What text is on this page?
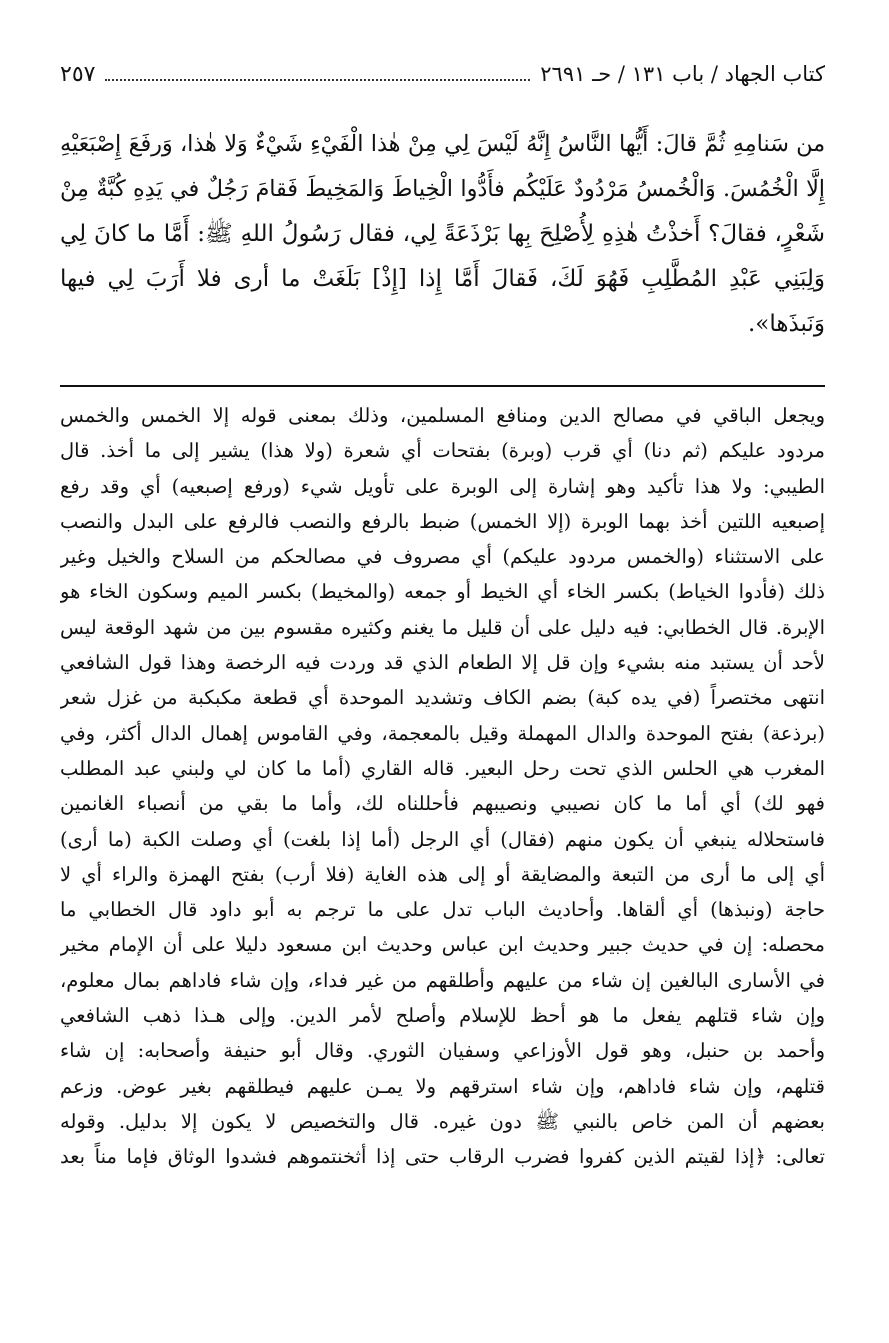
كتاب الجهاد / باب ١٣١ / حـ ٢٦٩١
٢٥٧
من سَنامِهِ ثُمَّ قالَ: أَيُّها النَّاسُ إِنَّهُ لَيْسَ لِي مِنْ هٰذا الْفَيْءِ شَيْءٌ وَلا هٰذا، وَرفَعَ إِصْبَعَيْهِ
إِلَّا الْخُمُسَ. وَالْخُمسُ مَرْدُودٌ عَلَيْكُم فأَدُّوا الْخِياطَ وَالمَخِيطَ فَقامَ رَجُلٌ في يَدِهِ كُبَّةٌ مِنْ
شَعْرٍ، فقالَ؟ أَخذْتُ هٰذِهِ لِأُصْلِحَ بِها بَرْذَعَةً لِي، فقال رَسُولُ اللهِ ﷺ: أَمَّا ما كانَ لِي
وَلِبَنِي عَبْدِ المُطَّلِبِ فَهُوَ لَكَ، فَقالَ أَمَّا إِذا [إِذْ] بَلَغَتْ ما أرى فلا أَرَبَ لِي فيها
وَنَبذَها».
ويجعل الباقي في مصالح الدين ومنافع المسلمين، وذلك بمعنى قوله إلا الخمس والخمس
مردود عليكم (ثم دنا) أي قرب (وبرة) بفتحات أي شعرة (ولا هذا) يشير إلى ما أخذ. قال
الطيبي: ولا هذا تأكيد وهو إشارة إلى الوبرة على تأويل شيء (ورفع إصبعيه) أي وقد رفع
إصبعيه اللتين أخذ بهما الوبرة (إلا الخمس) ضبط بالرفع والنصب فالرفع على البدل والنصب
على الاستثناء (والخمس مردود عليكم) أي مصروف في مصالحكم من السلاح والخيل وغير
ذلك (فأدوا الخياط) بكسر الخاء أي الخيط أو جمعه (والمخيط) بكسر الميم وسكون الخاء هو
الإبرة. قال الخطابي: فيه دليل على أن قليل ما يغنم وكثيره مقسوم بين من شهد الوقعة ليس
لأحد أن يستبد منه بشيء وإن قل إلا الطعام الذي قد وردت فيه الرخصة وهذا قول الشافعي
انتهى مختصراً (في يده كبة) بضم الكاف وتشديد الموحدة أي قطعة مكبكبة من غزل شعر
(برذعة) بفتح الموحدة والدال المهملة وقيل بالمعجمة، وفي القاموس إهمال الدال أكثر، وفي
المغرب هي الحلس الذي تحت رحل البعير. قاله القاري (أما ما كان لي ولبني عبد المطلب
فهو لك) أي أما ما كان نصيبي ونصيبهم فأحللناه لك، وأما ما بقي من أنصباء الغانمين
فاستحلاله ينبغي أن يكون منهم (فقال) أي الرجل (أما إذا بلغت) أي وصلت الكبة (ما أرى)
أي إلى ما أرى من التبعة والمضايقة أو إلى هذه الغاية (فلا أرب) بفتح الهمزة والراء أي لا
حاجة (ونبذها) أي ألقاها. وأحاديث الباب تدل على ما ترجم به أبو داود قال الخطابي ما
محصله: إن في حديث جبير وحديث ابن عباس وحديث ابن مسعود دليلا على أن الإمام مخير
في الأسارى البالغين إن شاء من عليهم وأطلقهم من غير فداء، وإن شاء فاداهم بمال معلوم،
وإن شاء قتلهم يفعل ما هو أحظ للإسلام وأصلح لأمر الدين. وإلى هـذا ذهب الشافعي
وأحمد بن حنبل، وهو قول الأوزاعي وسفيان الثوري. وقال أبو حنيفة وأصحابه: إن شاء
قتلهم، وإن شاء فاداهم، وإن شاء استرقهم ولا يمـن عليهم فيطلقهم بغير عوض. وزعم
بعضهم أن المن خاص بالنبي ﷺ دون غيره. قال والتخصيص لا يكون إلا بدليل. وقوله
تعالى: ﴿إذا لقيتم الذين كفروا فضرب الرقاب حتى إذا أثخنتموهم فشدوا الوثاق فإما مناً بعد
